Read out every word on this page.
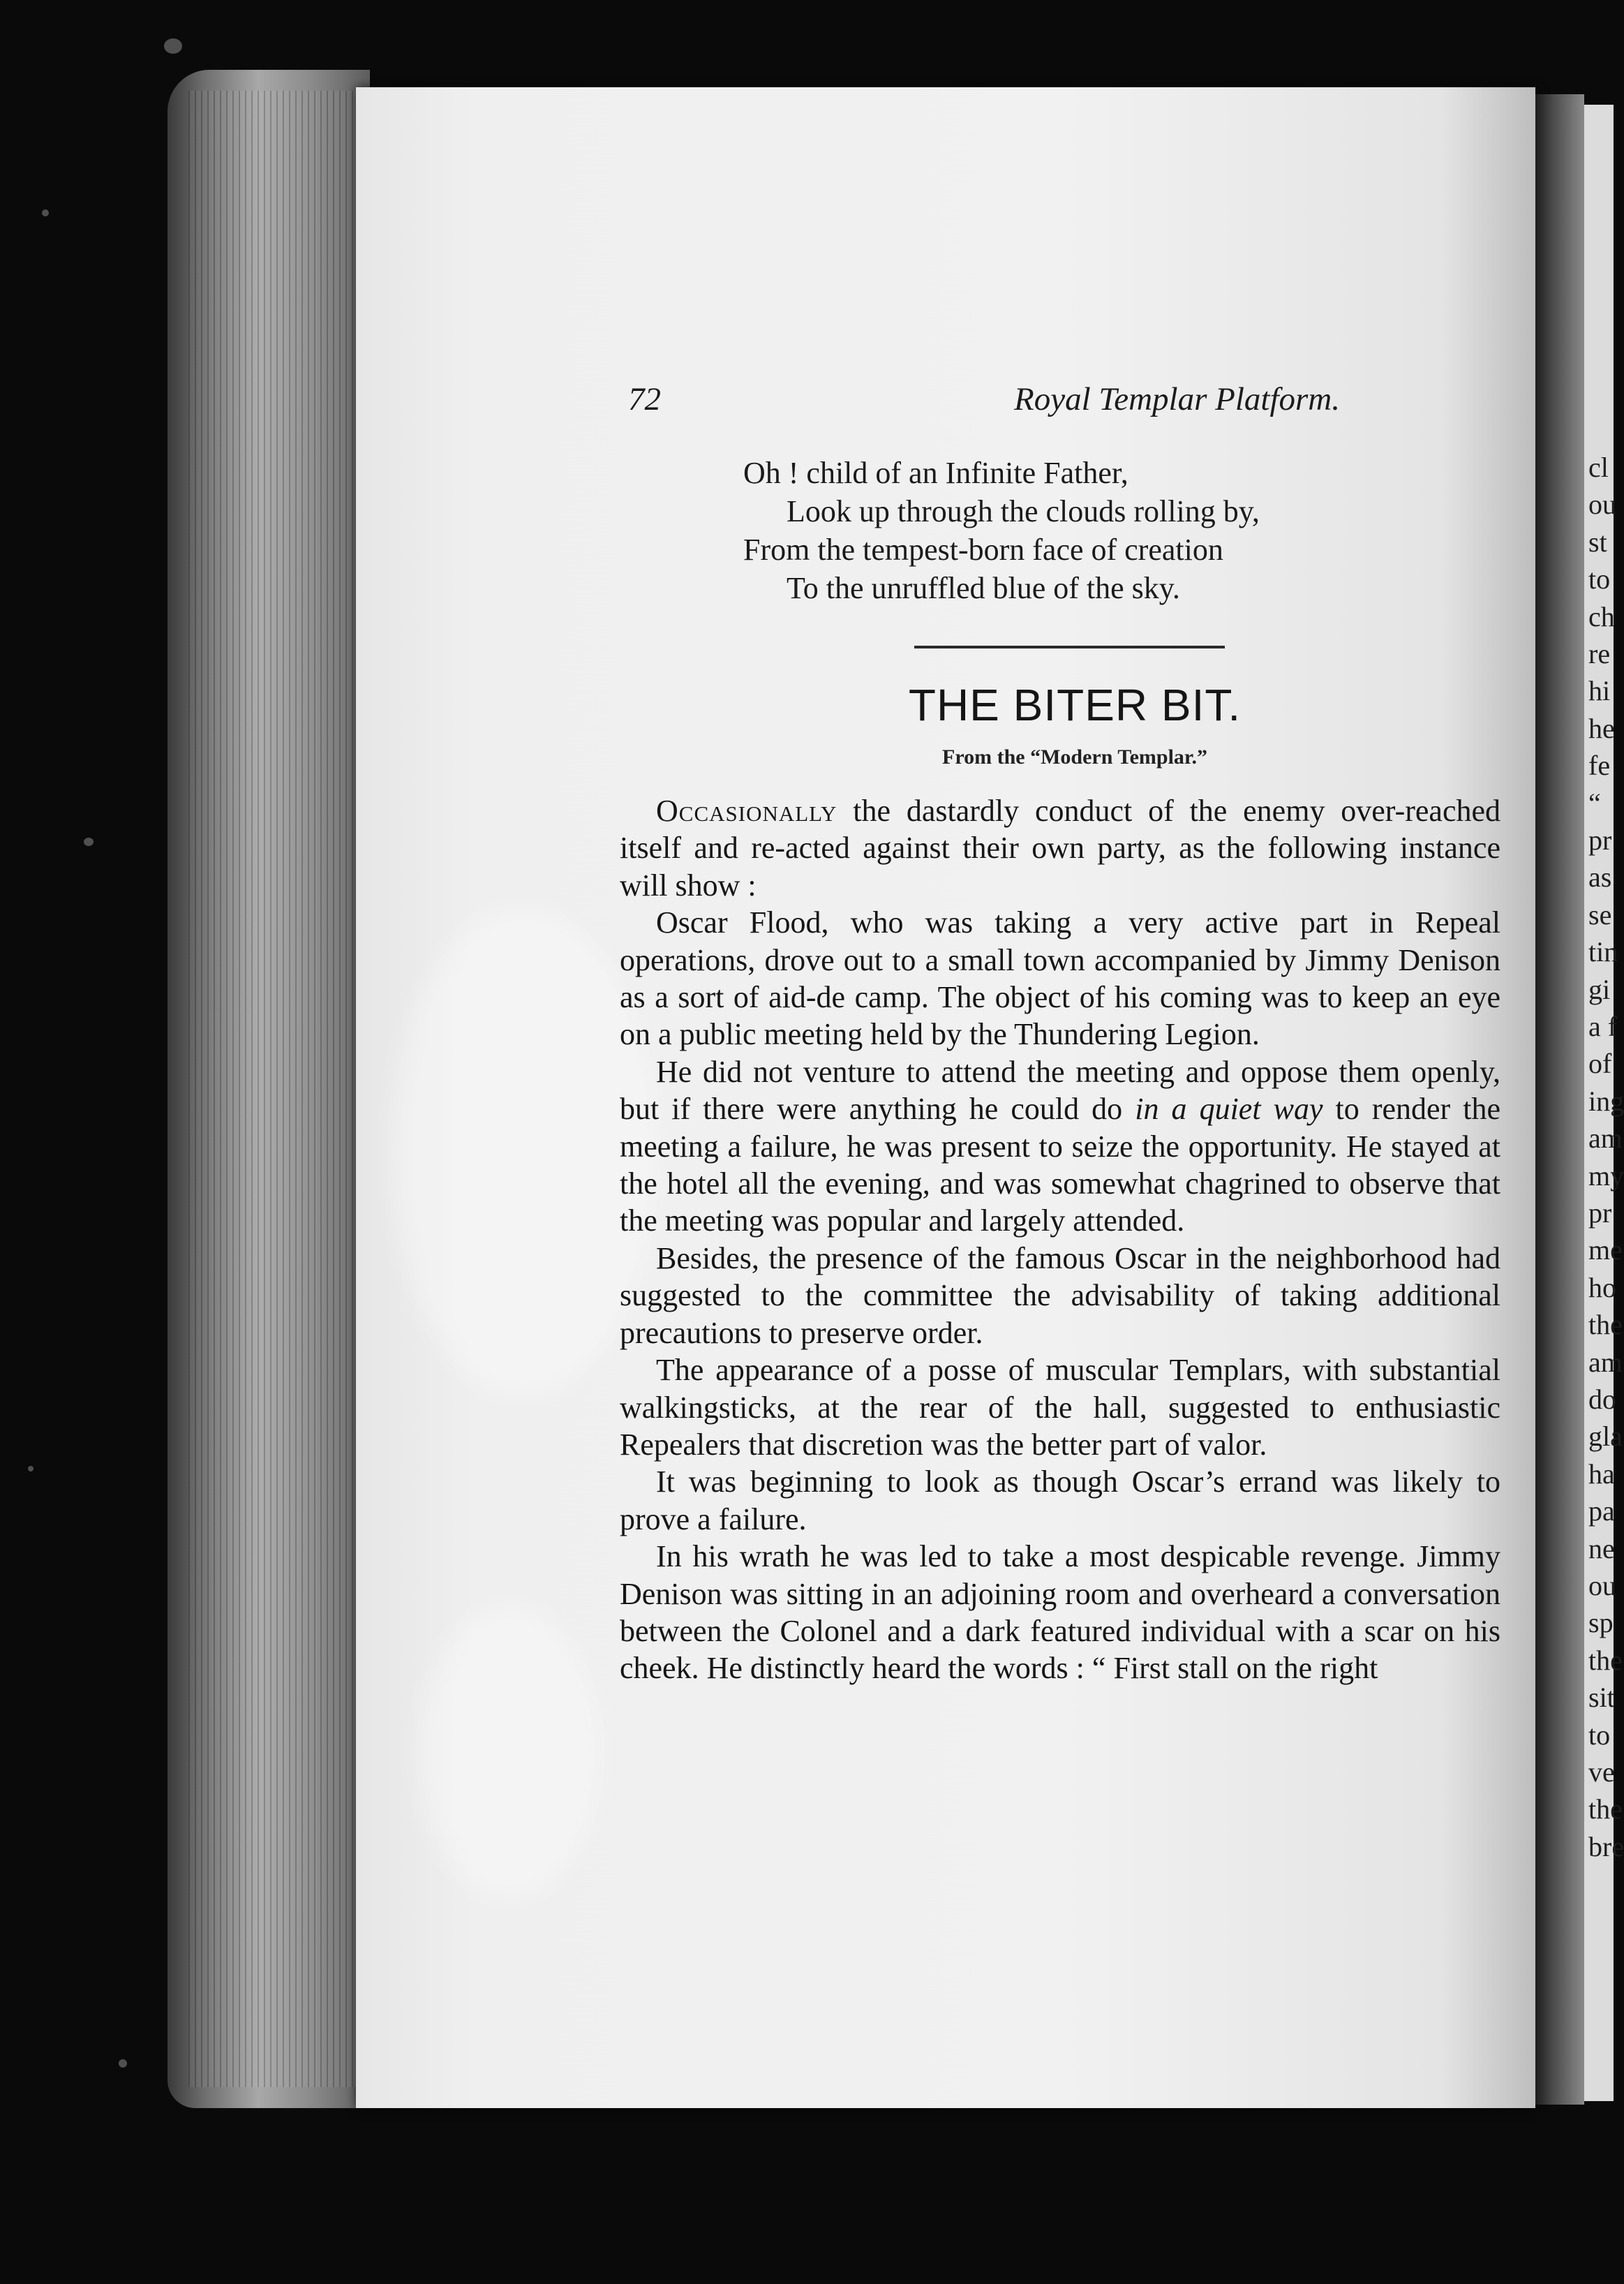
cl
ou
st
to
ch
re
hi
he
fe
“
pr
as
se
tin
gi
a f
of
ing
am
my
pr
me
ho
the
am
do
gla
ha
pa
ne
ou
sp
the
sit
to
ve
the
bre
72	Royal Templar Platform.
Oh ! child of an Infinite Father,
Look up through the clouds rolling by,
From the tempest-born face of creation
To the unruffled blue of the sky.
THE BITER BIT.
From the “Modern Templar.”

Occasionally the dastardly conduct of the enemy over-reached itself and re-acted against their own party, as the following instance will show :

Oscar Flood, who was taking a very active part in Repeal operations, drove out to a small town accompanied by Jimmy Denison as a sort of aid-de camp. The object of his coming was to keep an eye on a public meeting held by the Thundering Legion.

He did not venture to attend the meeting and oppose them openly, but if there were anything he could do in a quiet way to render the meeting a failure, he was present to seize the opportunity. He stayed at the hotel all the evening, and was somewhat chagrined to observe that the meeting was popular and largely attended.

Besides, the presence of the famous Oscar in the neighborhood had suggested to the committee the advisability of taking additional precautions to preserve order.

The appearance of a posse of muscular Templars, with substantial walkingsticks, at the rear of the hall, suggested to enthusiastic Repealers that discretion was the better part of valor.

It was beginning to look as though Oscar’s errand was likely to prove a failure.

In his wrath he was led to take a most despicable revenge. Jimmy Denison was sitting in an adjoining room and overheard a conversation between the Colonel and a dark featured individual with a scar on his cheek. He distinctly heard the words : “ First stall on the right
